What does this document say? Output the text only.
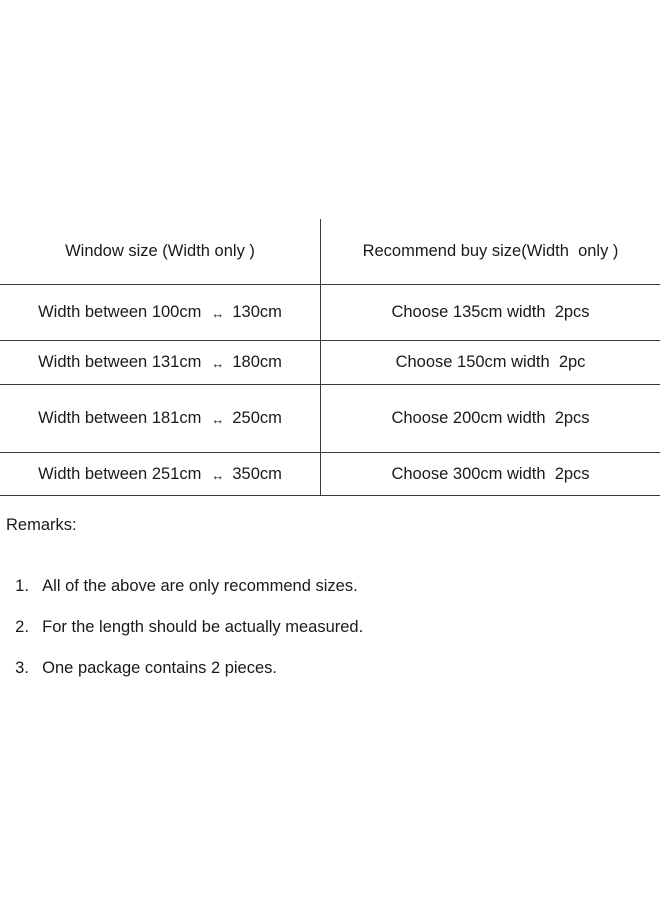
Window size (Width only )	Recommend buy size(Width  only )
Width between 100cm ↔ 130cm	Choose 135cm width  2pcs
Width between 131cm ↔ 180cm	Choose 150cm width  2pc
Width between 181cm ↔ 250cm	Choose 200cm width  2pcs
Width between 251cm ↔ 350cm	Choose 300cm width  2pcs
Remarks:

1. All of the above are only recommend sizes.

2. For the length should be actually measured.

3. One package contains 2 pieces.
